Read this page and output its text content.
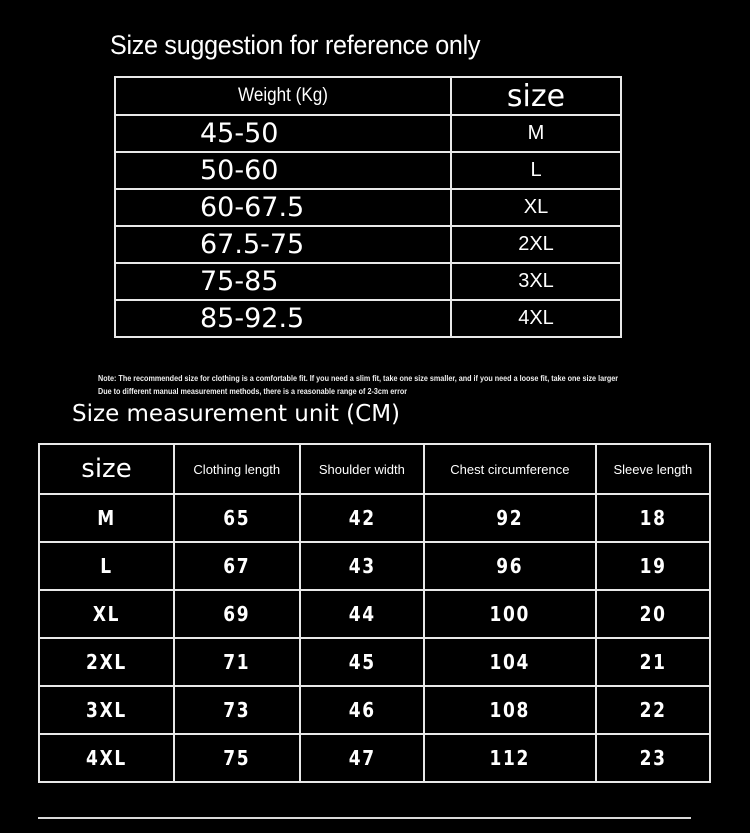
Size suggestion for reference only
Weight (Kg)	size
45-50	M
50-60	L
60-67.5	XL
67.5-75	2XL
75-85	3XL
85-92.5	4XL
Note: The recommended size for clothing is a comfortable fit. If you need a slim fit, take one size smaller, and if you need a loose fit, take one size larger
Due to different manual measurement methods, there is a reasonable range of 2-3cm error
Size measurement unit (CM)
size	Clothing length	Shoulder width	Chest circumference	Sleeve length

M	65	42	92	18

L	67	43	96	19

XL	69	44	100	20

2XL	71	45	104	21

3XL	73	46	108	22

4XL	75	47	112	23
